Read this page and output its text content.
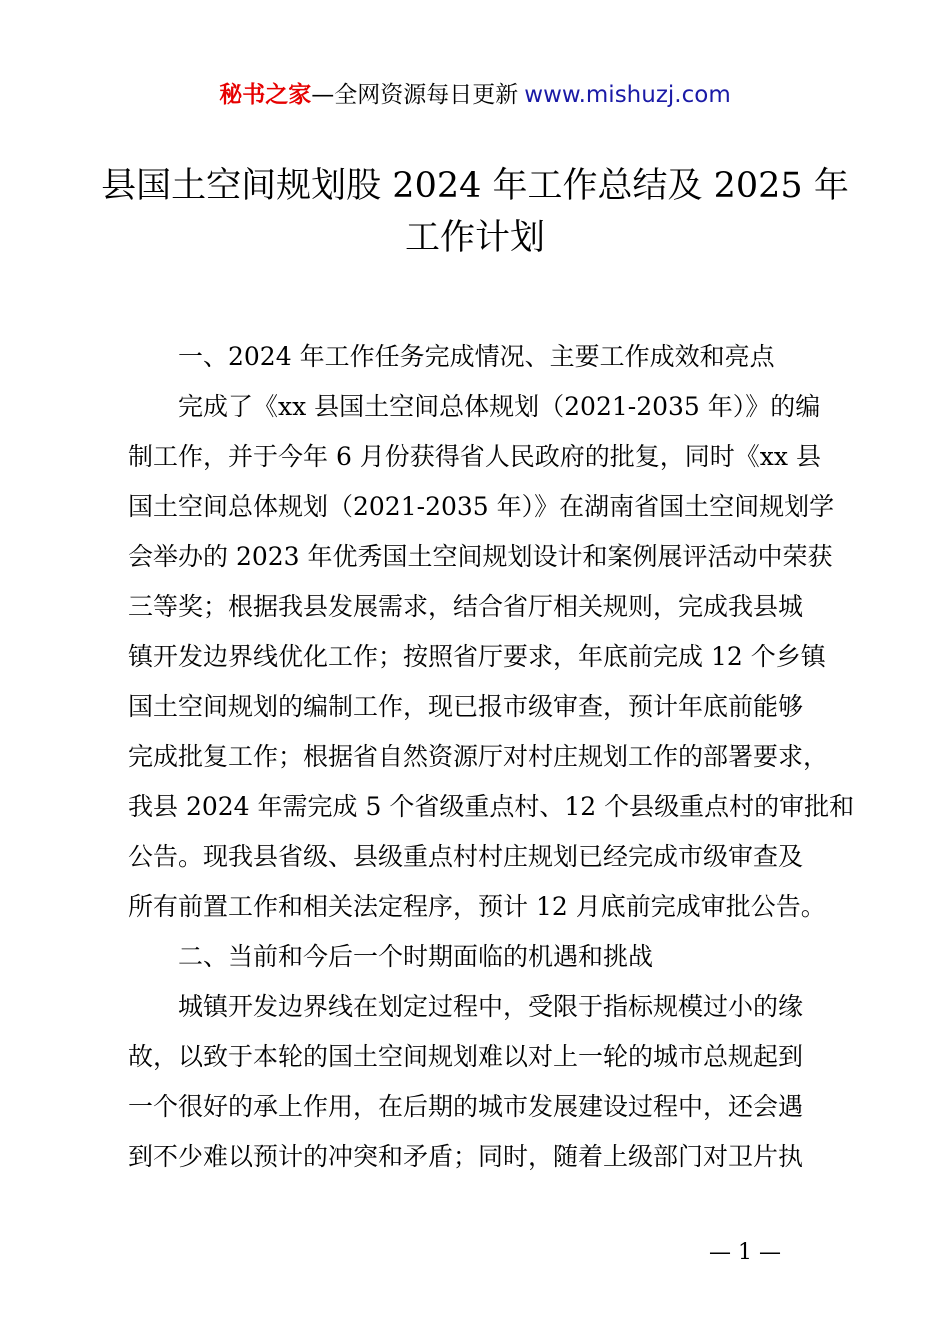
秘书之家—全网资源每日更新 www.mishuzj.com
县国土空间规划股 2024 年工作总结及 2025 年
工作计划
一、2024 年工作任务完成情况、主要工作成效和亮点
完成了《xx 县国土空间总体规划（2021-2035 年）》的编
制工作，并于今年 6 月份获得省人民政府的批复，同时《xx 县
国土空间总体规划（2021-2035 年）》在湖南省国土空间规划学
会举办的 2023 年优秀国土空间规划设计和案例展评活动中荣获
三等奖；根据我县发展需求，结合省厅相关规则，完成我县城
镇开发边界线优化工作；按照省厅要求，年底前完成 12 个乡镇
国土空间规划的编制工作，现已报市级审查，预计年底前能够
完成批复工作；根据省自然资源厅对村庄规划工作的部署要求，
我县 2024 年需完成 5 个省级重点村、12 个县级重点村的审批和
公告。现我县省级、县级重点村村庄规划已经完成市级审查及
所有前置工作和相关法定程序，预计 12 月底前完成审批公告。
二、当前和今后一个时期面临的机遇和挑战
城镇开发边界线在划定过程中，受限于指标规模过小的缘
故，以致于本轮的国土空间规划难以对上一轮的城市总规起到
一个很好的承上作用，在后期的城市发展建设过程中，还会遇
到不少难以预计的冲突和矛盾；同时，随着上级部门对卫片执
— 1 —
